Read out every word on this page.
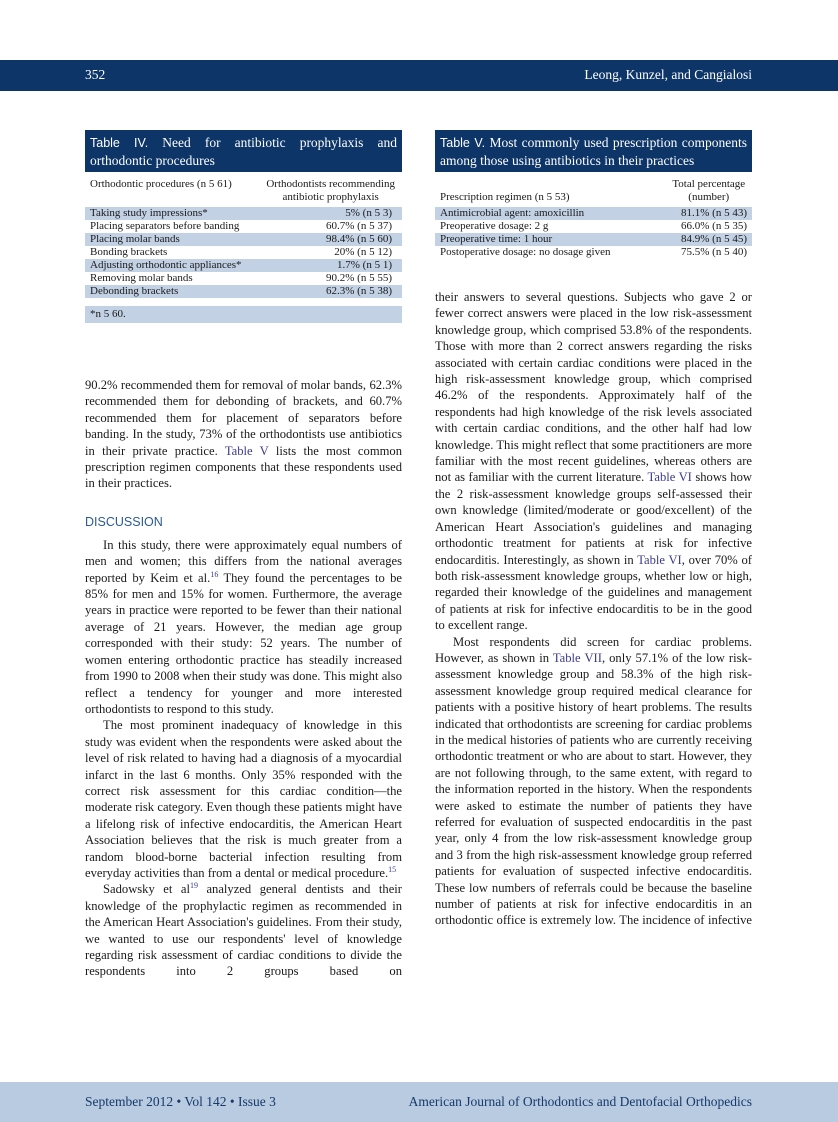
352	Leong, Kunzel, and Cangialosi
Table IV. Need for antibiotic prophylaxis and orthodontic procedures
Orthodontic procedures (n 5 61)	Orthodontists recommending antibiotic prophylaxis
Taking study impressions*	5% (n 5 3)
Placing separators before banding	60.7% (n 5 37)
Placing molar bands	98.4% (n 5 60)
Bonding brackets	20% (n 5 12)
Adjusting orthodontic appliances*	1.7% (n 5 1)
Removing molar bands	90.2% (n 5 55)
Debonding brackets	62.3% (n 5 38)
*n 5 60.
Table V. Most commonly used prescription components among those using antibiotics in their practices
Prescription regimen (n 5 53)	Total percentage (number)
Antimicrobial agent: amoxicillin	81.1% (n 5 43)
Preoperative dosage: 2 g	66.0% (n 5 35)
Preoperative time: 1 hour	84.9% (n 5 45)
Postoperative dosage: no dosage given	75.5% (n 5 40)

90.2% recommended them for removal of molar bands, 62.3% recommended them for debonding of brackets, and 60.7% recommended them for placement of separators before banding. In the study, 73% of the orthodontists use antibiotics in their private practice. Table V lists the most common prescription regimen components that these respondents used in their practices.

DISCUSSION

In this study, there were approximately equal numbers of men and women; this differs from the national averages reported by Keim et al.$^{16}$ They found the percentages to be 85% for men and 15% for women. Furthermore, the average years in practice were reported to be fewer than their national average of 21 years. However, the median age group corresponded with their study: 52 years. The number of women entering orthodontic practice has steadily increased from 1990 to 2008 when their study was done. This might also reflect a tendency for younger and more interested orthodontists to respond to this study.

The most prominent inadequacy of knowledge in this study was evident when the respondents were asked about the level of risk related to having had a diagnosis of a myocardial infarct in the last 6 months. Only 35% responded with the correct risk assessment for this cardiac condition—the moderate risk category. Even though these patients might have a lifelong risk of infective endocarditis, the American Heart Association believes that the risk is much greater from a random blood-borne bacterial infection resulting from everyday activities than from a dental or medical procedure.$^{15}$

Sadowsky et $al^{19}$ analyzed general dentists and their knowledge of the prophylactic regimen as recommended in the American Heart Association's guidelines. From their study, we wanted to use our respondents' level of knowledge regarding risk assessment of cardiac conditions to divide the respondents into 2 groups based on

their answers to several questions. Subjects who gave 2 or fewer correct answers were placed in the low risk-assessment knowledge group, which comprised 53.8% of the respondents. Those with more than 2 correct answers regarding the risks associated with certain cardiac conditions were placed in the high risk-assessment knowledge group, which comprised 46.2% of the respondents. Approximately half of the respondents had high knowledge of the risk levels associated with certain cardiac conditions, and the other half had low knowledge. This might reflect that some practitioners are more familiar with the most recent guidelines, whereas others are not as familiar with the current literature. Table VI shows how the 2 risk-assessment knowledge groups self-assessed their own knowledge (limited/moderate or good/excellent) of the American Heart Association's guidelines and managing orthodontic treatment for patients at risk for infective endocarditis. Interestingly, as shown in Table VI, over 70% of both risk-assessment knowledge groups, whether low or high, regarded their knowledge of the guidelines and management of patients at risk for infective endocarditis to be in the good to excellent range.

Most respondents did screen for cardiac problems. However, as shown in Table VII, only 57.1% of the low risk-assessment knowledge group and 58.3% of the high risk-assessment knowledge group required medical clearance for patients with a positive history of heart problems. The results indicated that orthodontists are screening for cardiac problems in the medical histories of patients who are currently receiving orthodontic treatment or who are about to start. However, they are not following through, to the same extent, with regard to the information reported in the history. When the respondents were asked to estimate the number of patients they have referred for evaluation of suspected endocarditis in the past year, only 4 from the low risk-assessment knowledge group and 3 from the high risk-assessment knowledge group referred patients for evaluation of suspected infective endocarditis. These low numbers of referrals could be because the baseline number of patients at risk for infective endocarditis in an orthodontic office is extremely low. The incidence of infective

September 2012 • Vol 142 • Issue 3	American Journal of Orthodontics and Dentofacial Orthopedics
